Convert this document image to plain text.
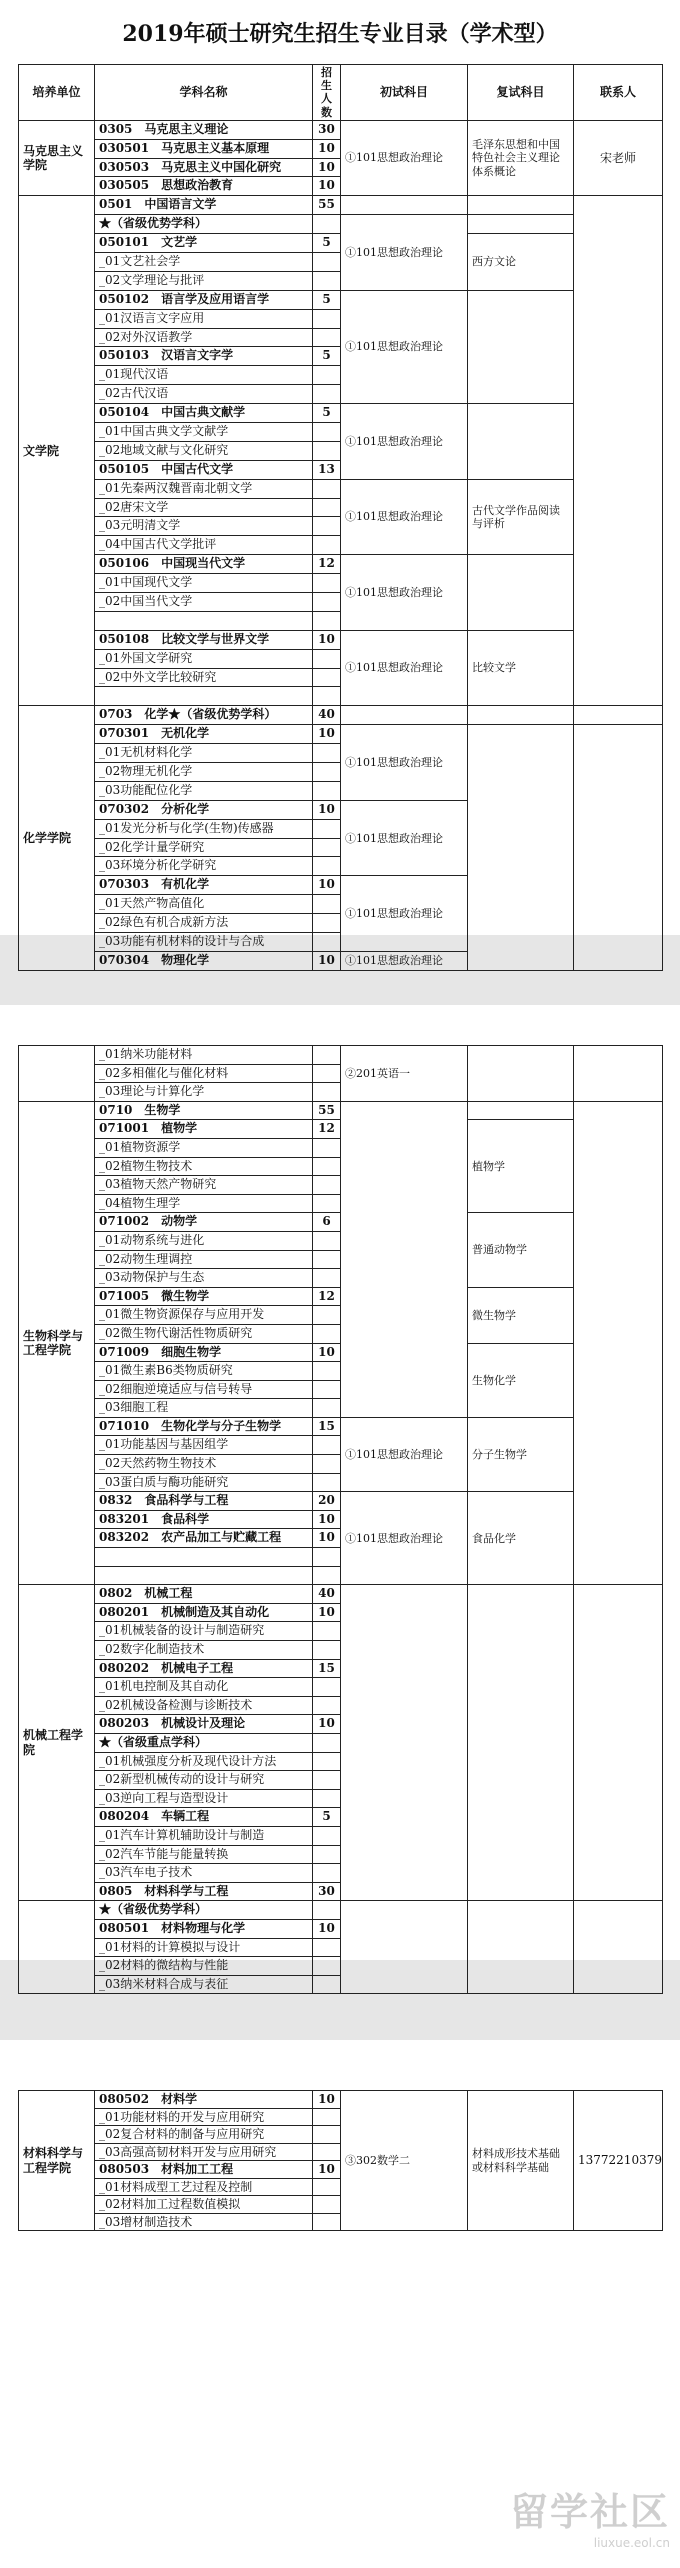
2019年硕士研究生招生专业目录（学术型）
培养单位	学科名称	招生人数	初试科目	复试科目	联系人
马克思主义学院	0305　马克思主义理论	30	①101思想政治理论	毛泽东思想和中国特色社会主义理论体系概论	宋老师
	030501　马克思主义基本原理	10			
	030503　马克思主义中国化研究	10			
	030505　思想政治教育	10			
文学院	0501　中国语言文学	55			
	★（省级优势学科）		①101思想政治理论		
	050101　文艺学	5		西方文论	
	_01文艺社会学				
	_02文学理论与批评				
	050102　语言学及应用语言学	5	①101思想政治理论		
	_01汉语言文字应用				
	_02对外汉语教学				
	050103　汉语言文字学	5			
	_01现代汉语				
	_02古代汉语				
	050104　中国古典文献学	5	①101思想政治理论		
	_01中国古典文学文献学				
	_02地域文献与文化研究				
	050105　中国古代文学	13			
	_01先秦两汉魏晋南北朝文学		①101思想政治理论	古代文学作品阅读与评析	
	_02唐宋文学				
	_03元明清文学				
	_04中国古代文学批评				
	050106　中国现当代文学	12	①101思想政治理论		
	_01中国现代文学				
	_02中国当代文学				

	050108　比较文学与世界文学	10	①101思想政治理论	比较文学	
	_01外国文学研究				
	_02中外文学比较研究				

化学学院	0703　化学★（省级优势学科）	40			
	070301　无机化学	10	①101思想政治理论		
	_01无机材料化学				
	_02物理无机化学				
	_03功能配位化学				
	070302　分析化学	10	①101思想政治理论		
	_01发光分析与化学(生物)传感器				
	_02化学计量学研究				
	_03环境分析化学研究				
	070303　有机化学	10	①101思想政治理论		
	_01天然产物高值化				
	_02绿色有机合成新方法				
	_03功能有机材料的设计与合成				
	070304　物理化学	10	①101思想政治理论		
	_01纳米功能材料		②201英语一		
	_02多相催化与催化材料				
	_03理论与计算化学				
生物科学与工程学院	0710　生物学	55			
	071001　植物学	12		植物学	
	_01植物资源学				
	_02植物生物技术				
	_03植物天然产物研究				
	_04植物生理学				
	071002　动物学	6		普通动物学	
	_01动物系统与进化				
	_02动物生理调控				
	_03动物保护与生态				
	071005　微生物学	12		微生物学	
	_01微生物资源保存与应用开发				
	_02微生物代谢活性物质研究				
	071009　细胞生物学	10		生物化学	
	_01微生素B6类物质研究				
	_02细胞逆境适应与信号转导				
	_03细胞工程				
	071010　生物化学与分子生物学	15	①101思想政治理论	分子生物学	
	_01功能基因与基因组学				
	_02天然药物生物技术				
	_03蛋白质与酶功能研究				
	0832　食品科学与工程	20	①101思想政治理论	食品化学	
	083201　食品科学	10			
	083202　农产品加工与贮藏工程	10			

机械工程学院	0802　机械工程	40			
	080201　机械制造及其自动化	10			
	_01机械装备的设计与制造研究				
	_02数字化制造技术				
	080202　机械电子工程	15			
	_01机电控制及其自动化				
	_02机械设备检测与诊断技术				
	080203　机械设计及理论	10			
	★（省级重点学科）				
	_01机械强度分析及现代设计方法				
	_02新型机械传动的设计与研究				
	_03逆向工程与造型设计				
	080204　车辆工程	5			
	_01汽车计算机辅助设计与制造				
	_02汽车节能与能量转换				
	_03汽车电子技术				
	0805　材料科学与工程	30			
	★（省级优势学科）				
	080501　材料物理与化学	10			
	_01材料的计算模拟与设计				
	_02材料的微结构与性能				
	_03纳米材料合成与表征				
材料科学与工程学院	080502　材料学	10	③302数学二	材料成形技术基础或材料科学基础	13772210379
	_01功能材料的开发与应用研究				
	_02复合材料的制备与应用研究				
	_03高强高韧材料开发与应用研究				
	080503　材料加工工程	10			
	_01材料成型工艺过程及控制				
	_02材料加工过程数值模拟				
	_03增材制造技术				
留学社区
liuxue.eol.cn
